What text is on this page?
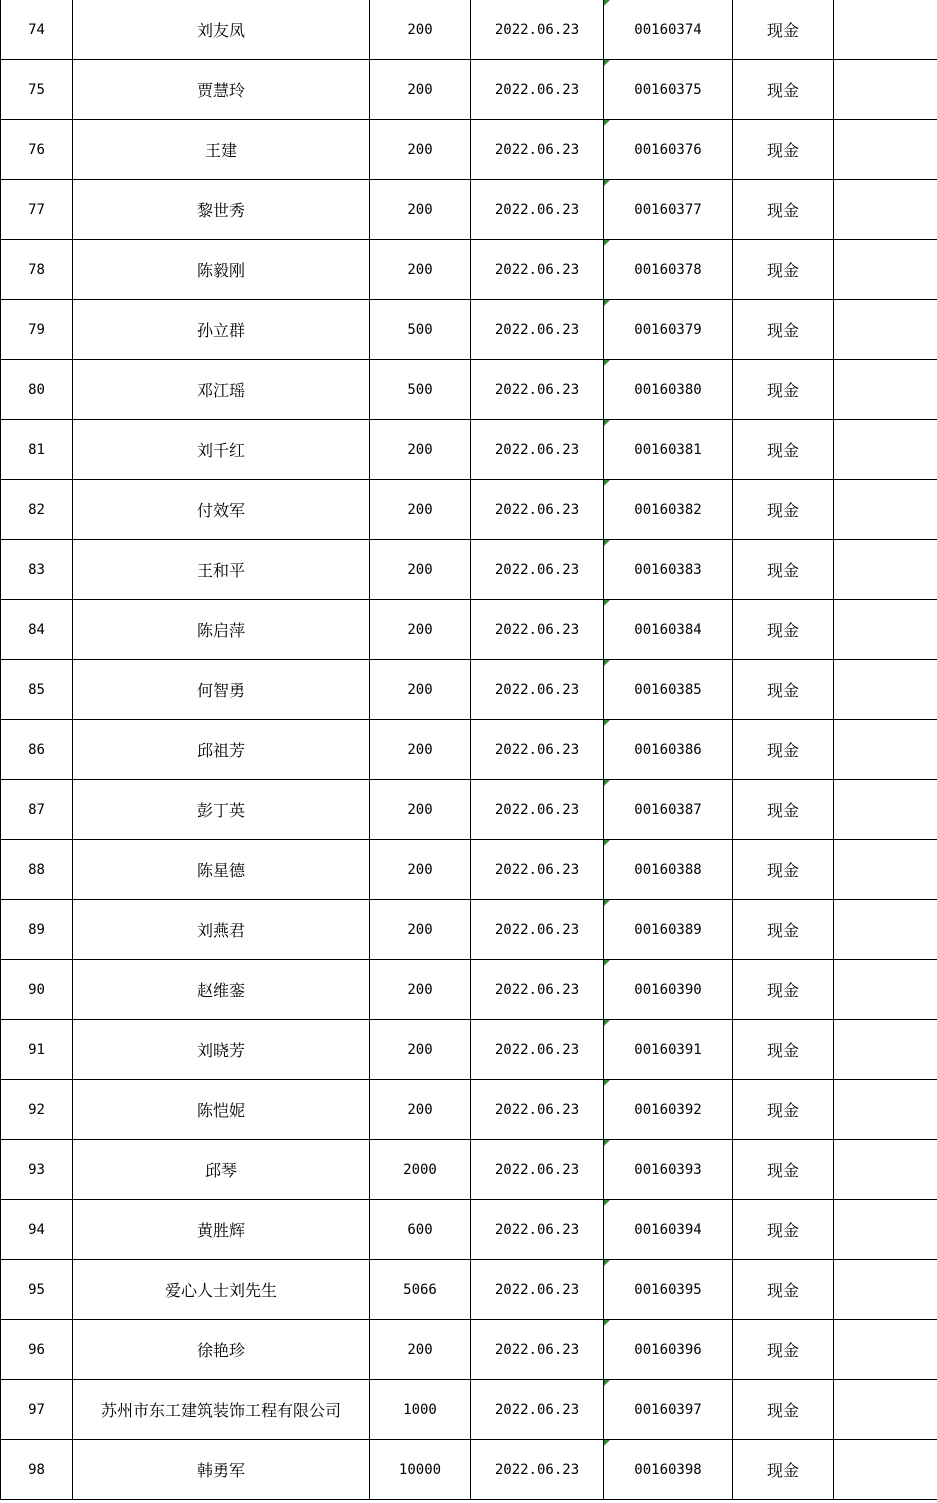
74	刘友凤	200	2022.06.23	00160374	现金	
75	贾慧玲	200	2022.06.23	00160375	现金	
76	王建	200	2022.06.23	00160376	现金	
77	黎世秀	200	2022.06.23	00160377	现金	
78	陈毅刚	200	2022.06.23	00160378	现金	
79	孙立群	500	2022.06.23	00160379	现金	
80	邓江瑶	500	2022.06.23	00160380	现金	
81	刘千红	200	2022.06.23	00160381	现金	
82	付效军	200	2022.06.23	00160382	现金	
83	王和平	200	2022.06.23	00160383	现金	
84	陈启萍	200	2022.06.23	00160384	现金	
85	何智勇	200	2022.06.23	00160385	现金	
86	邱祖芳	200	2022.06.23	00160386	现金	
87	彭丁英	200	2022.06.23	00160387	现金	
88	陈星德	200	2022.06.23	00160388	现金	
89	刘燕君	200	2022.06.23	00160389	现金	
90	赵维銮	200	2022.06.23	00160390	现金	
91	刘晓芳	200	2022.06.23	00160391	现金	
92	陈恺妮	200	2022.06.23	00160392	现金	
93	邱琴	2000	2022.06.23	00160393	现金	
94	黄胜辉	600	2022.06.23	00160394	现金	
95	爱心人士刘先生	5066	2022.06.23	00160395	现金	
96	徐艳珍	200	2022.06.23	00160396	现金	
97	苏州市东工建筑装饰工程有限公司	1000	2022.06.23	00160397	现金	
98	韩勇军	10000	2022.06.23	00160398	现金	
